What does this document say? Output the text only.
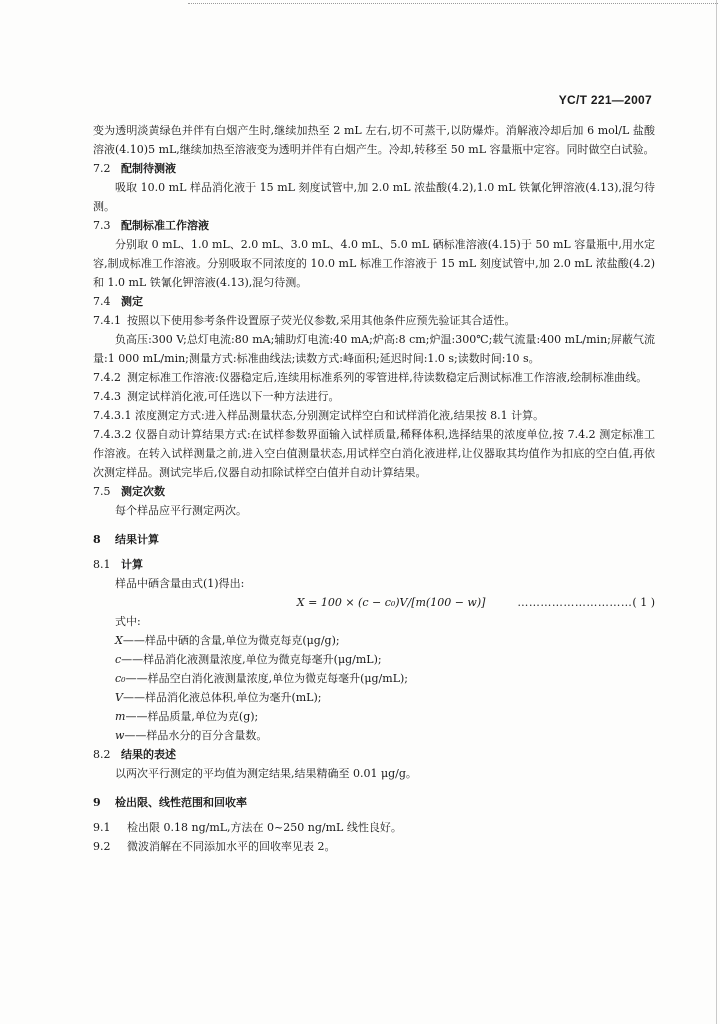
YC/T 221—2007

变为透明淡黄绿色并伴有白烟产生时,继续加热至 2 mL 左右,切不可蒸干,以防爆炸。消解液冷却后加 6 mol/L 盐酸溶液(4.10)5 mL,继续加热至溶液变为透明并伴有白烟产生。冷却,转移至 50 mL 容量瓶中定容。同时做空白试验。

7.2 配制待测液

吸取 10.0 mL 样品消化液于 15 mL 刻度试管中,加 2.0 mL 浓盐酸(4.2),1.0 mL 铁氰化钾溶液(4.13),混匀待测。

7.3 配制标准工作溶液

分别取 0 mL、1.0 mL、2.0 mL、3.0 mL、4.0 mL、5.0 mL 硒标准溶液(4.15)于 50 mL 容量瓶中,用水定容,制成标准工作溶液。分别吸取不同浓度的 10.0 mL 标准工作溶液于 15 mL 刻度试管中,加 2.0 mL 浓盐酸(4.2)和 1.0 mL 铁氰化钾溶液(4.13),混匀待测。

7.4 测定

7.4.1 按照以下使用参考条件设置原子荧光仪参数,采用其他条件应预先验证其合适性。

负高压:300 V;总灯电流:80 mA;辅助灯电流:40 mA;炉高:8 cm;炉温:300℃;载气流量:400 mL/min;屏蔽气流量:1 000 mL/min;测量方式:标准曲线法;读数方式:峰面积;延迟时间:1.0 s;读数时间:10 s。

7.4.2 测定标准工作溶液:仪器稳定后,连续用标准系列的零管进样,待读数稳定后测试标准工作溶液,绘制标准曲线。

7.4.3 测定试样消化液,可任选以下一种方法进行。

7.4.3.1 浓度测定方式:进入样品测量状态,分别测定试样空白和试样消化液,结果按 8.1 计算。

7.4.3.2 仪器自动计算结果方式:在试样参数界面输入试样质量,稀释体积,选择结果的浓度单位,按 7.4.2 测定标准工作溶液。在转入试样测量之前,进入空白值测量状态,用试样空白消化液进样,让仪器取其均值作为扣底的空白值,再依次测定样品。测试完毕后,仪器自动扣除试样空白值并自动计算结果。

7.5 测定次数

每个样品应平行测定两次。

8 结果计算

8.1 计算

样品中硒含量由式(1)得出:

X = 100 × (c − c₀)V/[m(100 − w)]	………………………… ( 1 )

式中:

X——样品中硒的含量,单位为微克每克(μg/g);

c——样品消化液测量浓度,单位为微克每毫升(μg/mL);

c₀——样品空白消化液测量浓度,单位为微克每毫升(μg/mL);

V——样品消化液总体积,单位为毫升(mL);

m——样品质量,单位为克(g);

w——样品水分的百分含量数。

8.2 结果的表述

以两次平行测定的平均值为测定结果,结果精确至 0.01 μg/g。

9 检出限、线性范围和回收率

9.1 检出限 0.18 ng/mL,方法在 0~250 ng/mL 线性良好。

9.2 微波消解在不同添加水平的回收率见表 2。
